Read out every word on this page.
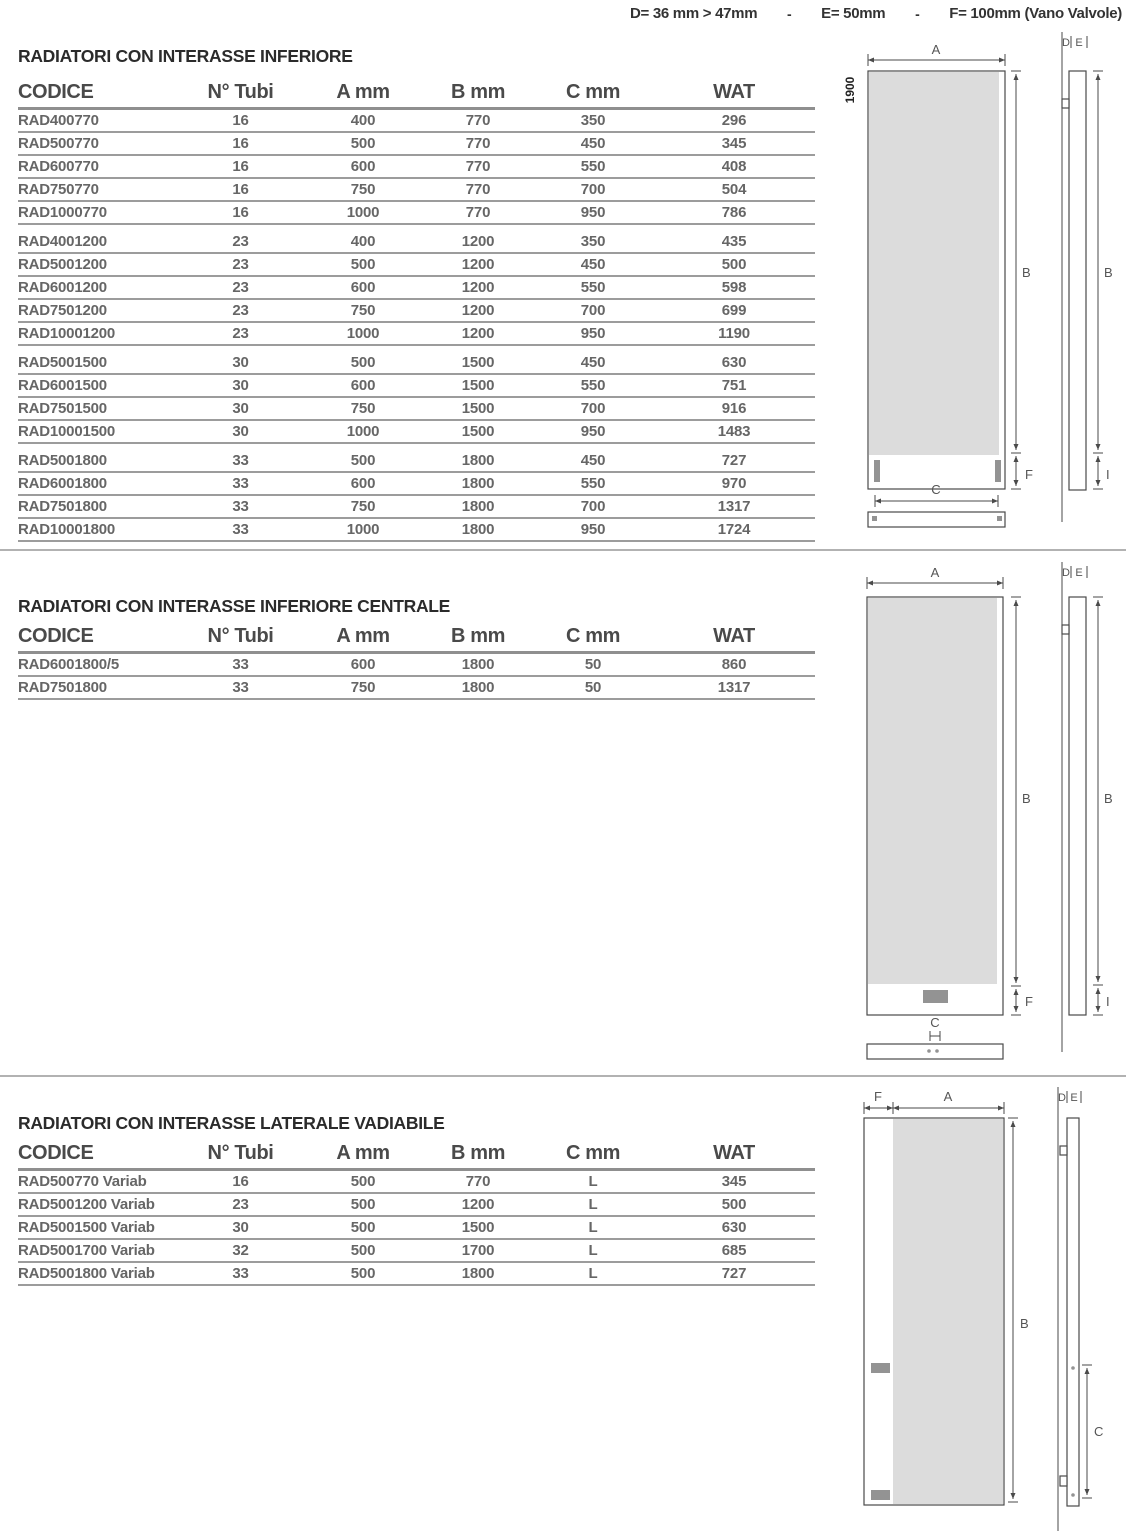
D= 36 mm > 47mm - E= 50mm - F= 100mm (Vano Valvole)
RADIATORI CON INTERASSE INFERIORE
CODICE	N° Tubi	A mm	B mm	C mm	WAT
RAD400770	16	400	770	350	296
RAD500770	16	500	770	450	345
RAD600770	16	600	770	550	408
RAD750770	16	750	770	700	504
RAD1000770	16	1000	770	950	786
RAD4001200	23	400	1200	350	435
RAD5001200	23	500	1200	450	500
RAD6001200	23	600	1200	550	598
RAD7501200	23	750	1200	700	699
RAD10001200	23	1000	1200	950	1190
RAD5001500	30	500	1500	450	630
RAD6001500	30	600	1500	550	751
RAD7501500	30	750	1500	700	916
RAD10001500	30	1000	1500	950	1483
RAD5001800	33	500	1800	450	727
RAD6001800	33	600	1800	550	970
RAD7501800	33	750	1800	700	1317
RAD10001800	33	1000	1800	950	1724
RADIATORI CON INTERASSE INFERIORE CENTRALE
CODICE	N° Tubi	A mm	B mm	C mm	WAT
RAD6001800/5	33	600	1800	50	860
RAD7501800	33	750	1800	50	1317
RADIATORI CON INTERASSE LATERALE VADIABILE
CODICE	N° Tubi	A mm	B mm	C mm	WAT
RAD500770 Variab	16	500	770	L	345
RAD5001200 Variab	23	500	1200	L	500
RAD5001500 Variab	30	500	1500	L	630
RAD5001700 Variab	32	500	1700	L	685
RAD5001800 Variab	33	500	1800	L	727
A
1900
B
F
C
D E
B
I
A
B
F
C
D E
B
I
F	A
B
D E
C
